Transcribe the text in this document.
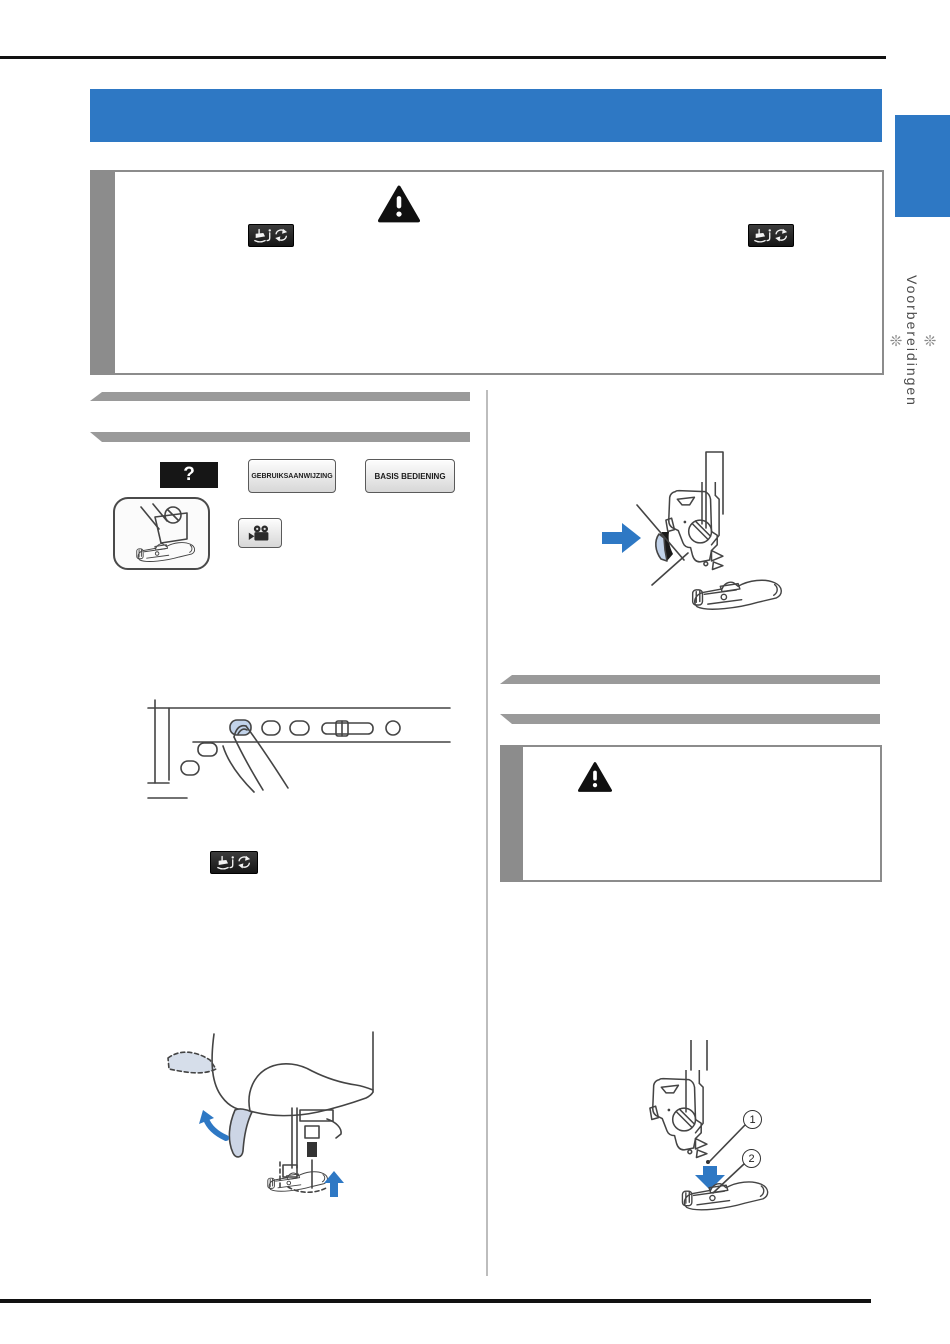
❊
Voorbereidingen
❊
?	GEBRUIKSAANWIJZING	BASIS BEDIENING
1
2
